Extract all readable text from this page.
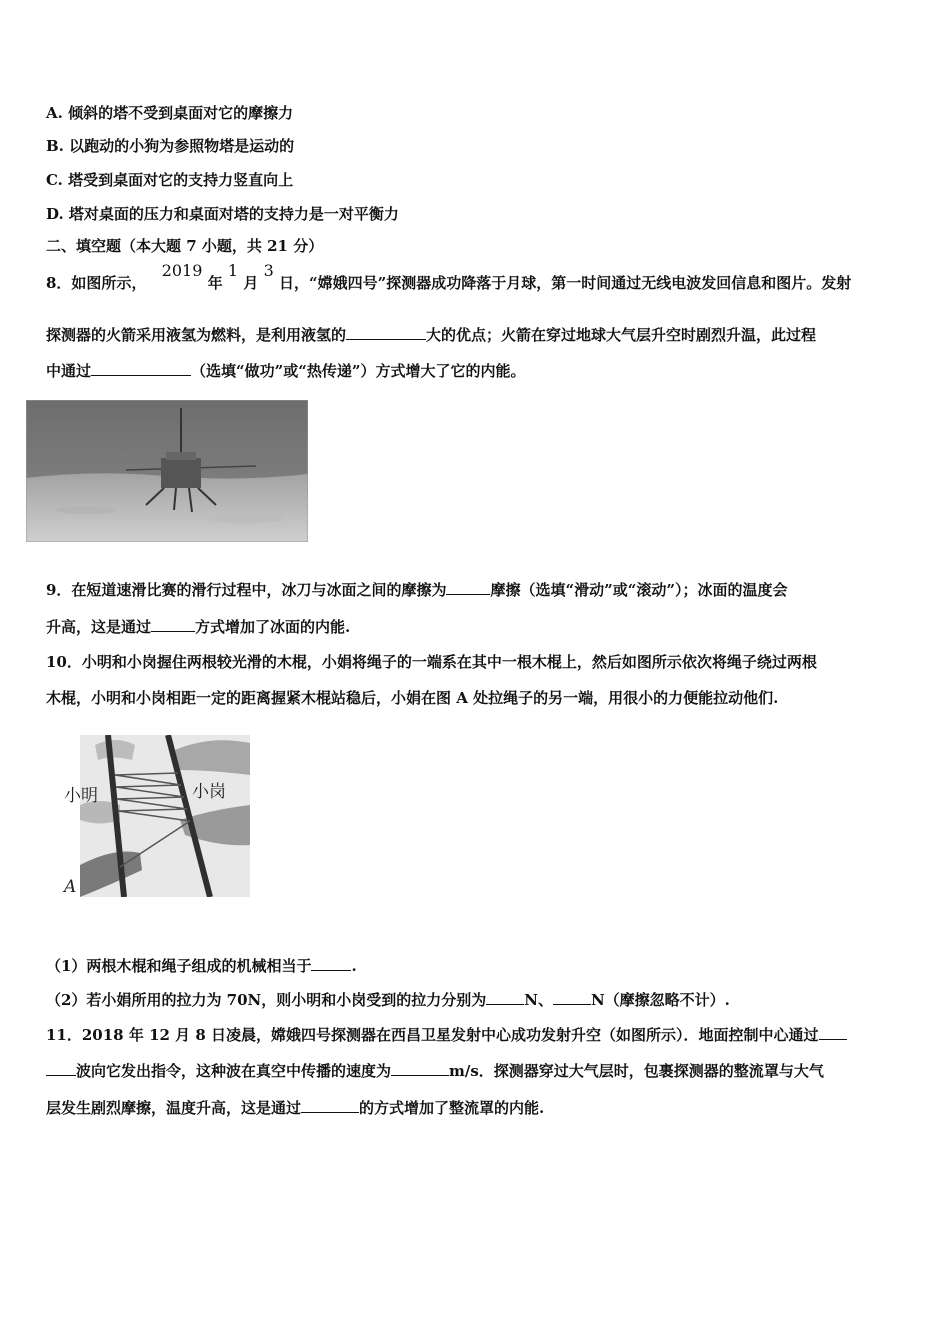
A. 倾斜的塔不受到桌面对它的摩擦力
B. 以跑动的小狗为参照物塔是运动的
C. 塔受到桌面对它的支持力竖直向上
D. 塔对桌面的压力和桌面对塔的支持力是一对平衡力
二、填空题（本大题 7 小题，共 21 分）
8．如图所示， 2019 年 1 月 3 日，“嫦娥四号”探测器成功降落于月球，第一时间通过无线电波发回信息和图片。发射
探测器的火箭采用液氢为燃料，是利用液氢的	大的优点；火箭在穿过地球大气层升空时剧烈升温，此过程
中通过	（选填“做功”或“热传递”）方式增大了它的内能。
9．在短道速滑比赛的滑行过程中，冰刀与冰面之间的摩擦为	摩擦（选填“滑动”或“滚动”）；冰面的温度会
升高，这是通过	方式增加了冰面的内能.
10．小明和小岗握住两根较光滑的木棍，小娟将绳子的一端系在其中一根木棍上，然后如图所示依次将绳子绕过两根
木棍，小明和小岗相距一定的距离握紧木棍站稳后，小娟在图 A 处拉绳子的另一端，用很小的力便能拉动他们.
小明	小岗
A
（1）两根木棍和绳子组成的机械相当于	.
（2）若小娟所用的拉力为 70N，则小明和小岗受到的拉力分别为	N、	N（摩擦忽略不计）.
11．2018 年 12 月 8 日凌晨，嫦娥四号探测器在西昌卫星发射中心成功发射升空（如图所示）．地面控制中心通过
波向它发出指令，这种波在真空中传播的速度为	m/s．探测器穿过大气层时，包裹探测器的整流罩与大气
层发生剧烈摩擦，温度升高，这是通过	的方式增加了整流罩的内能.
